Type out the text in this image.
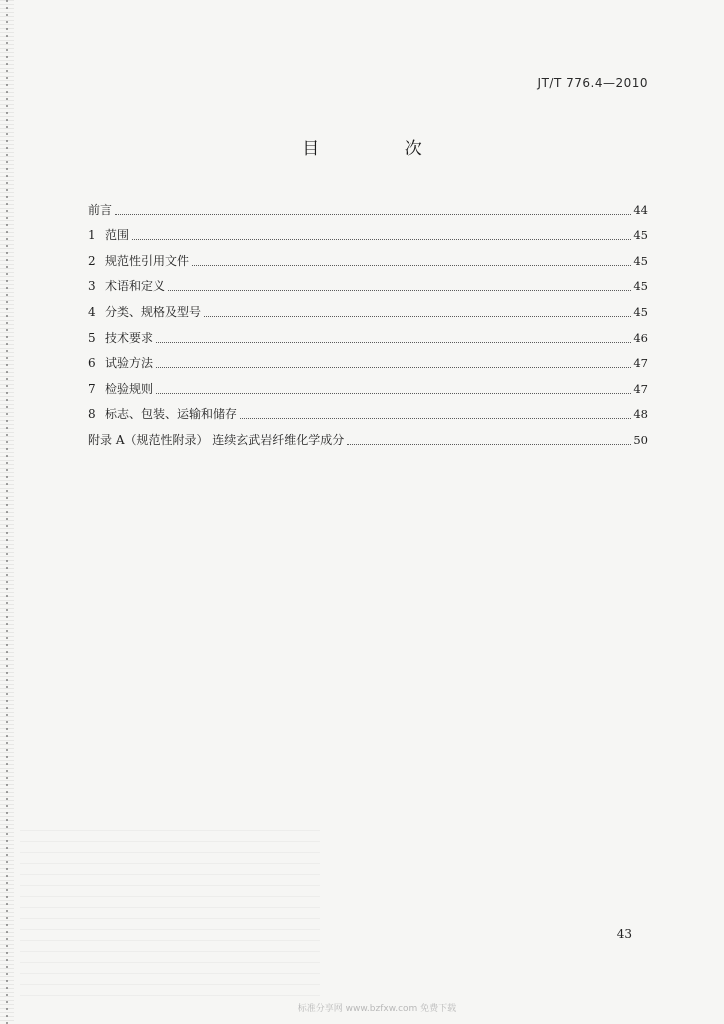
JT/T 776.4—2010
目 次
前言	44
1 范围	45
2 规范性引用文件	45
3 术语和定义	45
4 分类、规格及型号	45
5 技术要求	46
6 试验方法	47
7 检验规则	47
8 标志、包装、运输和储存	48
附录 A（规范性附录） 连续玄武岩纤维化学成分	50
43
标准分享网 www.bzfxw.com 免费下载
